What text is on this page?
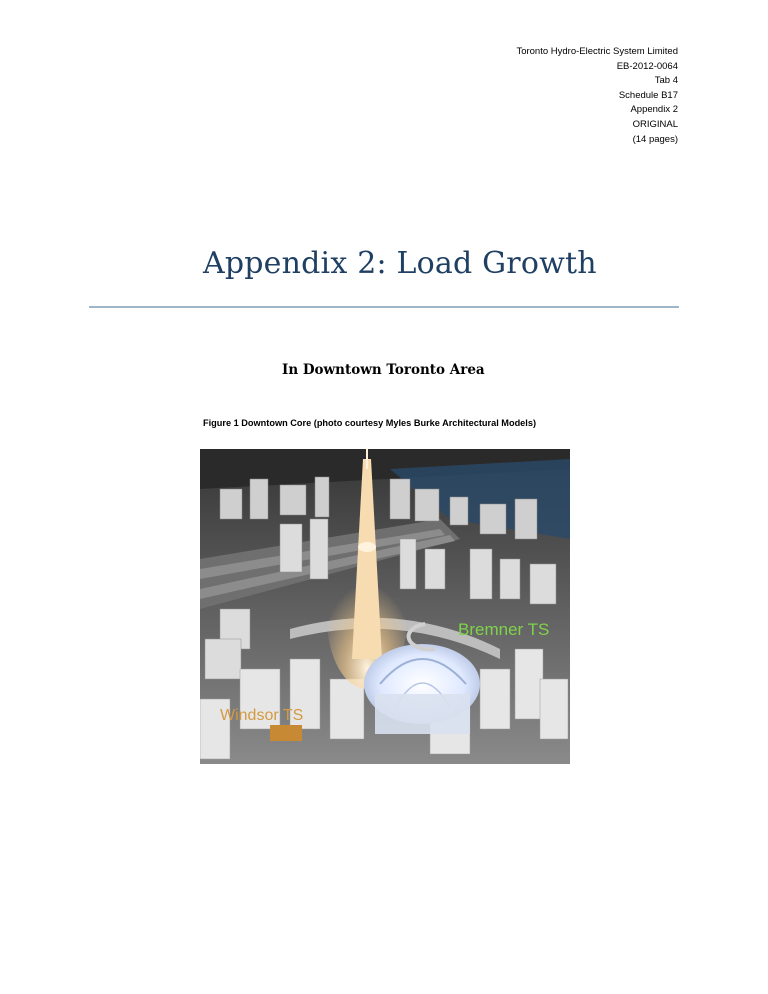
Toronto Hydro-Electric System Limited
EB-2012-0064
Tab 4
Schedule B17
Appendix 2
ORIGINAL
(14 pages)
Appendix 2: Load Growth
In Downtown Toronto Area
Figure 1 Downtown Core (photo courtesy Myles Burke Architectural Models)
Bremner TS
Windsor TS
